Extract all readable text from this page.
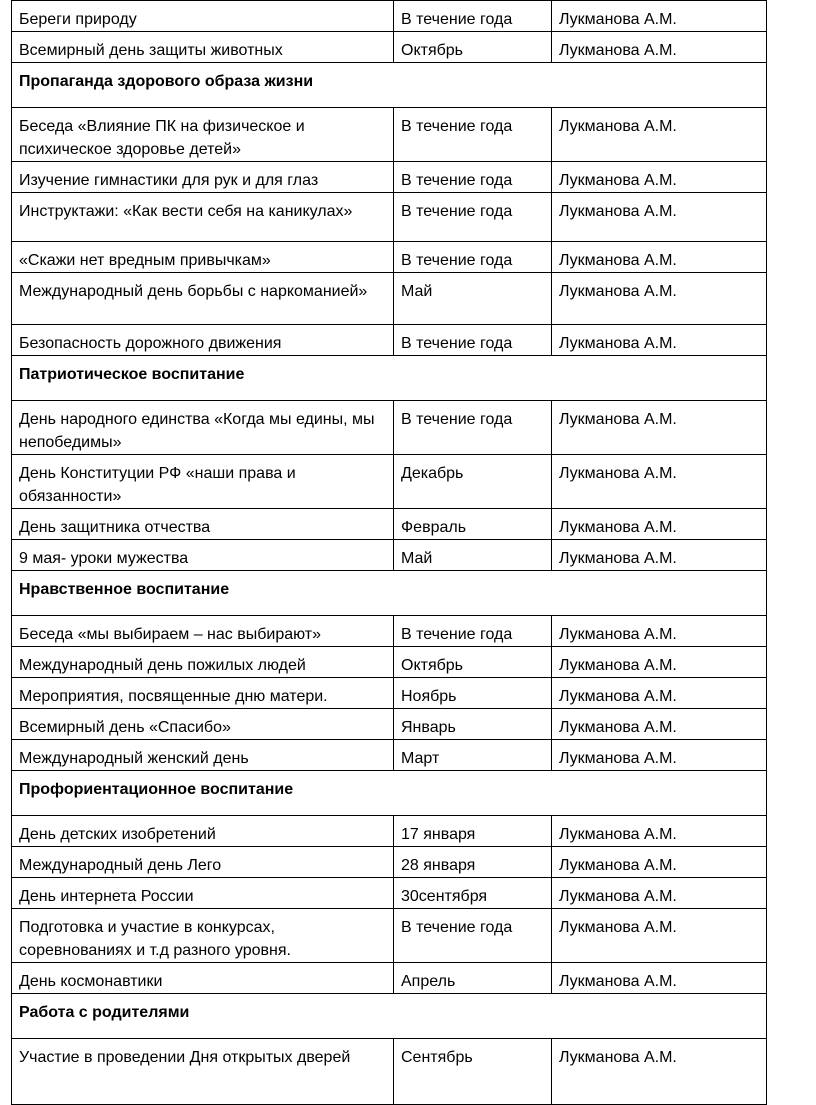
Береги природу	В течение года	Лукманова А.М.
Всемирный день защиты животных	Октябрь	Лукманова А.М.
Пропаганда здорового образа жизни		
Беседа «Влияние ПК на физическое и психическое здоровье детей»	В течение года	Лукманова А.М.
Изучение гимнастики для рук и для глаз	В течение года	Лукманова А.М.
Инструктажи: «Как вести себя на каникулах»	В течение года	Лукманова А.М.
«Скажи нет вредным привычкам»	В течение года	Лукманова А.М.
Международный день борьбы с наркоманией»	Май	Лукманова А.М.
Безопасность дорожного движения	В течение года	Лукманова А.М.
Патриотическое воспитание		
День народного единства «Когда мы едины, мы непобедимы»	В течение года	Лукманова А.М.
День Конституции РФ «наши права и обязанности»	Декабрь	Лукманова А.М.
День защитника отчества	Февраль	Лукманова А.М.
9 мая- уроки мужества	Май	Лукманова А.М.
Нравственное воспитание		
Беседа «мы выбираем – нас выбирают»	В течение года	Лукманова А.М.
Международный день пожилых людей	Октябрь	Лукманова А.М.
Мероприятия, посвященные дню матери.	Ноябрь	Лукманова А.М.
Всемирный день «Спасибо»	Январь	Лукманова А.М.
Международный женский день	Март	Лукманова А.М.
Профориентационное воспитание		
День детских изобретений	17 января	Лукманова А.М.
Международный день Лего	28 января	Лукманова А.М.
День интернета России	30сентября	Лукманова А.М.
Подготовка и участие в конкурсах, соревнованиях и т.д разного уровня.	В течение года	Лукманова А.М.
День космонавтики	Апрель	Лукманова А.М.
Работа с родителями		
Участие в проведении Дня открытых дверей	Сентябрь	Лукманова А.М.
